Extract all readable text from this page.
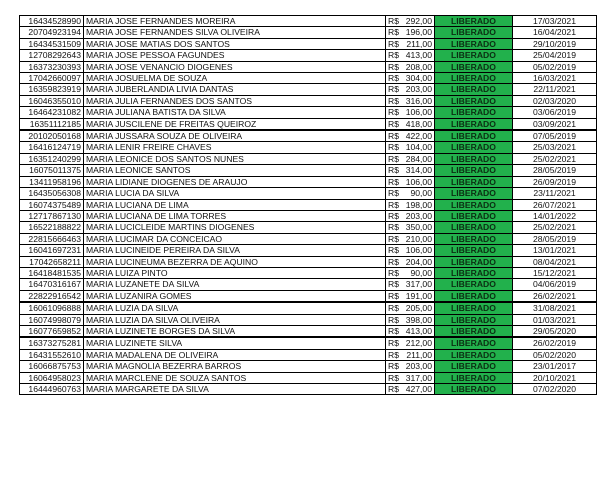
16434528990	MARIA JOSE FERNANDES MOREIRA	R$ 292,00	LIBERADO	17/03/2021
20704923194	MARIA JOSE FERNANDES SILVA OLIVEIRA	R$ 196,00	LIBERADO	16/04/2021
16434531509	MARIA JOSE MATIAS DOS SANTOS	R$ 211,00	LIBERADO	29/10/2019
12708292643	MARIA JOSE PESSOA FAGUNDES	R$ 413,00	LIBERADO	25/04/2019
16373230393	MARIA JOSE VENANCIO DIOGENES	R$ 208,00	LIBERADO	05/02/2019
17042660097	MARIA JOSUELMA DE SOUZA	R$ 304,00	LIBERADO	16/03/2021
16359823919	MARIA JUBERLANDIA LIVIA DANTAS	R$ 203,00	LIBERADO	22/11/2021
16046355010	MARIA JULIA FERNANDES DOS SANTOS	R$ 316,00	LIBERADO	02/03/2020
16464231082	MARIA JULIANA BATISTA DA SILVA	R$ 106,00	LIBERADO	03/06/2019
16351112185	MARIA JUSCILENE DE FREITAS QUEIROZ	R$ 418,00	LIBERADO	03/09/2021
20102050168	MARIA JUSSARA SOUZA DE OLIVEIRA	R$ 422,00	LIBERADO	07/05/2019
16416124719	MARIA LENIR FREIRE CHAVES	R$ 104,00	LIBERADO	25/03/2021
16351240299	MARIA LEONICE DOS SANTOS NUNES	R$ 284,00	LIBERADO	25/02/2021
16075011375	MARIA LEONICE SANTOS	R$ 314,00	LIBERADO	28/05/2019
13411958196	MARIA LIDIANE DIOGENES DE ARAUJO	R$ 106,00	LIBERADO	26/09/2019
16435056308	MARIA LUCIA DA SILVA	R$ 90,00	LIBERADO	23/11/2021
16074375489	MARIA LUCIANA DE LIMA	R$ 198,00	LIBERADO	26/07/2021
12717867130	MARIA LUCIANA DE LIMA TORRES	R$ 203,00	LIBERADO	14/01/2022
16522188822	MARIA LUCICLEIDE MARTINS DIOGENES	R$ 350,00	LIBERADO	25/02/2021
22815666463	MARIA LUCIMAR DA CONCEICAO	R$ 210,00	LIBERADO	28/05/2019
16041697231	MARIA LUCINEIDE PEREIRA DA SILVA	R$ 106,00	LIBERADO	13/01/2021
17042658211	MARIA LUCINEUMA BEZERRA DE AQUINO	R$ 204,00	LIBERADO	08/04/2021
16418481535	MARIA LUIZA PINTO	R$ 90,00	LIBERADO	15/12/2021
16470316167	MARIA LUZANETE DA SILVA	R$ 317,00	LIBERADO	04/06/2019
22822916542	MARIA LUZANIRA GOMES	R$ 191,00	LIBERADO	26/02/2021
16061096888	MARIA LUZIA DA SILVA	R$ 205,00	LIBERADO	31/08/2021
16074998079	MARIA LUZIA DA SILVA OLIVEIRA	R$ 398,00	LIBERADO	01/03/2021
16077659852	MARIA LUZINETE BORGES DA SILVA	R$ 413,00	LIBERADO	29/05/2020
16373275281	MARIA LUZINETE SILVA	R$ 212,00	LIBERADO	26/02/2019
16431552610	MARIA MADALENA DE OLIVEIRA	R$ 211,00	LIBERADO	05/02/2020
16066875753	MARIA MAGNOLIA BEZERRA BARROS	R$ 203,00	LIBERADO	23/01/2017
16064958023	MARIA MARCLENE DE SOUZA SANTOS	R$ 317,00	LIBERADO	20/10/2021
16444960763	MARIA MARGARETE DA SILVA	R$ 427,00	LIBERADO	07/02/2020
